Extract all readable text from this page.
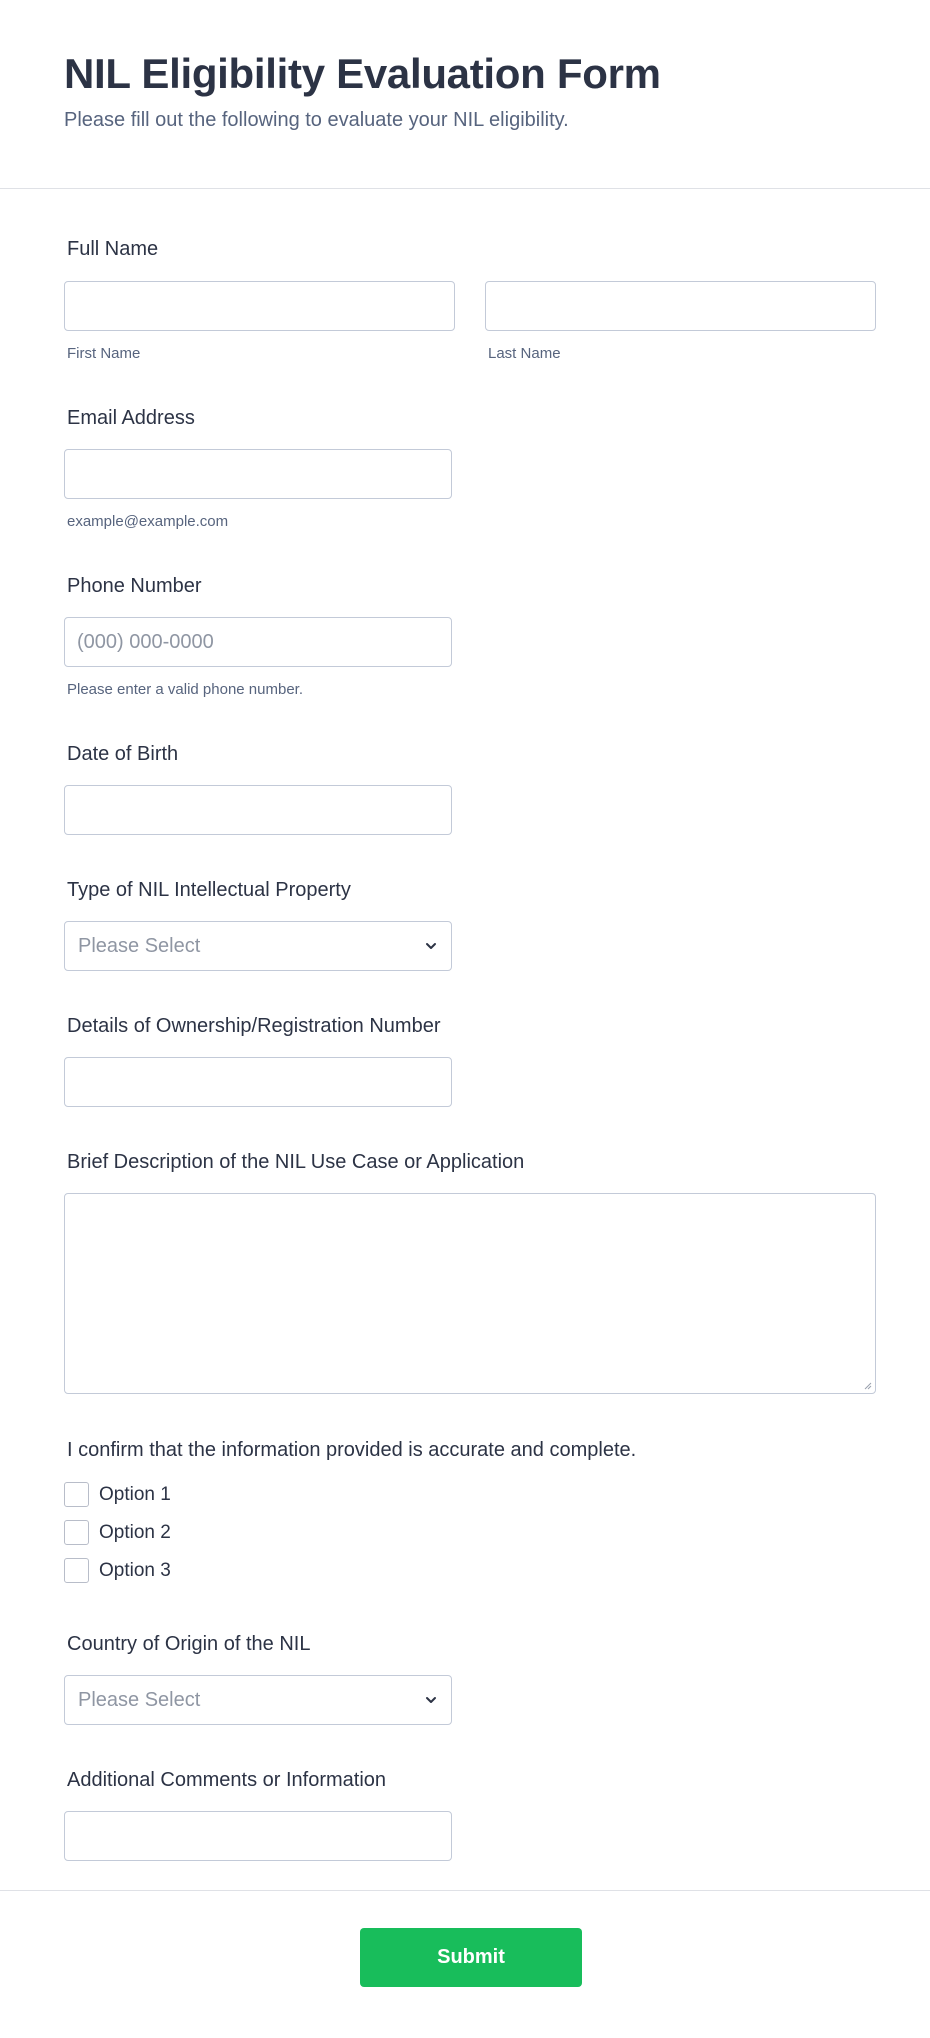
NIL Eligibility Evaluation Form

Please fill out the following to evaluate your NIL eligibility.

Full Name
First Name	Last Name
Email Address
example@example.com
Phone Number
(000) 000-0000
Please enter a valid phone number.
Date of Birth
Type of NIL Intellectual Property
Please Select
Details of Ownership/Registration Number
Brief Description of the NIL Use Case or Application
I confirm that the information provided is accurate and complete.
Option 1
Option 2
Option 3
Country of Origin of the NIL
Please Select
Additional Comments or Information
Submit
